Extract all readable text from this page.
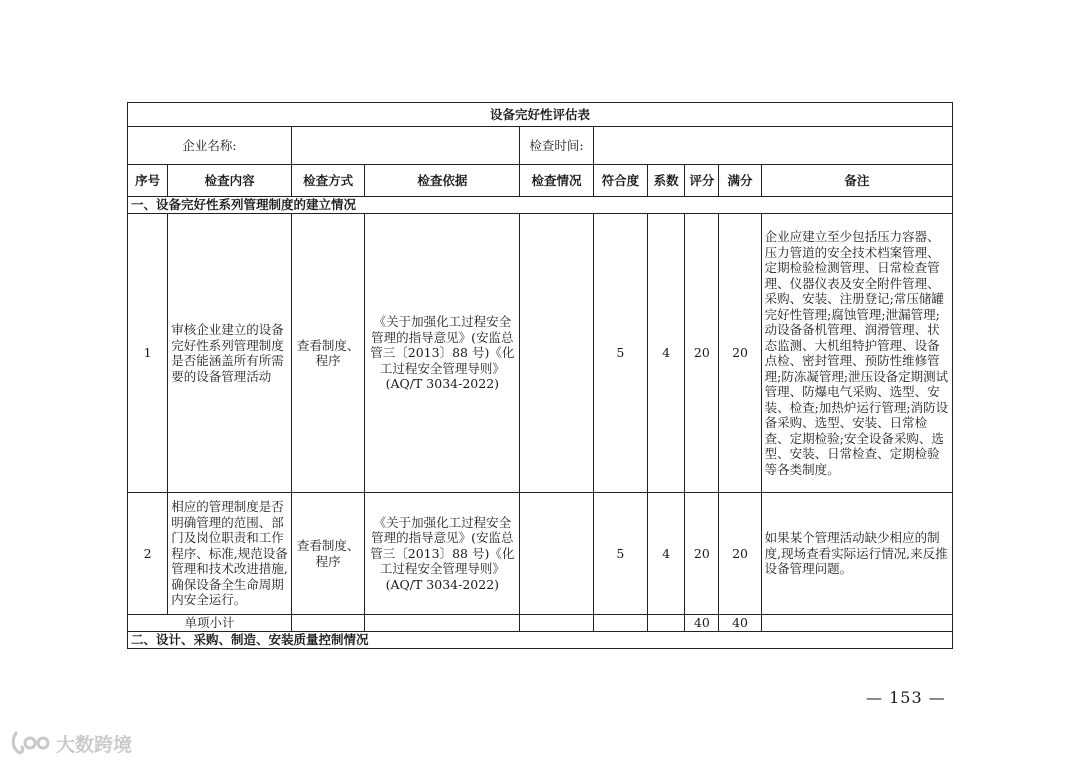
设备完好性评估表									
企业名称:				检查时间:					
序号	检查内容	检查方式	检查依据	检查情况	符合度	系数	评分	满分	备注
一、设备完好性系列管理制度的建立情况									
1	审核企业建立的设备完好性系列管理制度是否能涵盖所有所需要的设备管理活动	查看制度、程序	《关于加强化工过程安全管理的指导意见》(安监总管三〔2013〕88 号)《化工过程安全管理导则》 (AQ/T 3034-2022)		5	4	20	20	企业应建立至少包括压力容器、压力管道的安全技术档案管理、定期检验检测管理、日常检查管理、仪器仪表及安全附件管理、采购、安装、注册登记;常压储罐完好性管理;腐蚀管理;泄漏管理;动设备备机管理、润滑管理、状态监测、大机组特护管理、设备点检、密封管理、预防性维修管理;防冻凝管理;泄压设备定期测试管理、防爆电气采购、选型、安装、检查;加热炉运行管理;消防设备采购、选型、安装、日常检查、定期检验;安全设备采购、选型、安装、日常检查、定期检验等各类制度。
2	相应的管理制度是否明确管理的范围、部门及岗位职责和工作程序、标准,规范设备管理和技术改进措施,确保设备全生命周期内安全运行。	查看制度、程序	《关于加强化工过程安全管理的指导意见》(安监总管三〔2013〕88 号)《化工过程安全管理导则》 (AQ/T 3034-2022)		5	4	20	20	如果某个管理活动缺少相应的制度,现场查看实际运行情况,来反推设备管理问题。
单项小计							40	40	
二、设计、采购、制造、安装质量控制情况									
— 153 —
大数跨境
